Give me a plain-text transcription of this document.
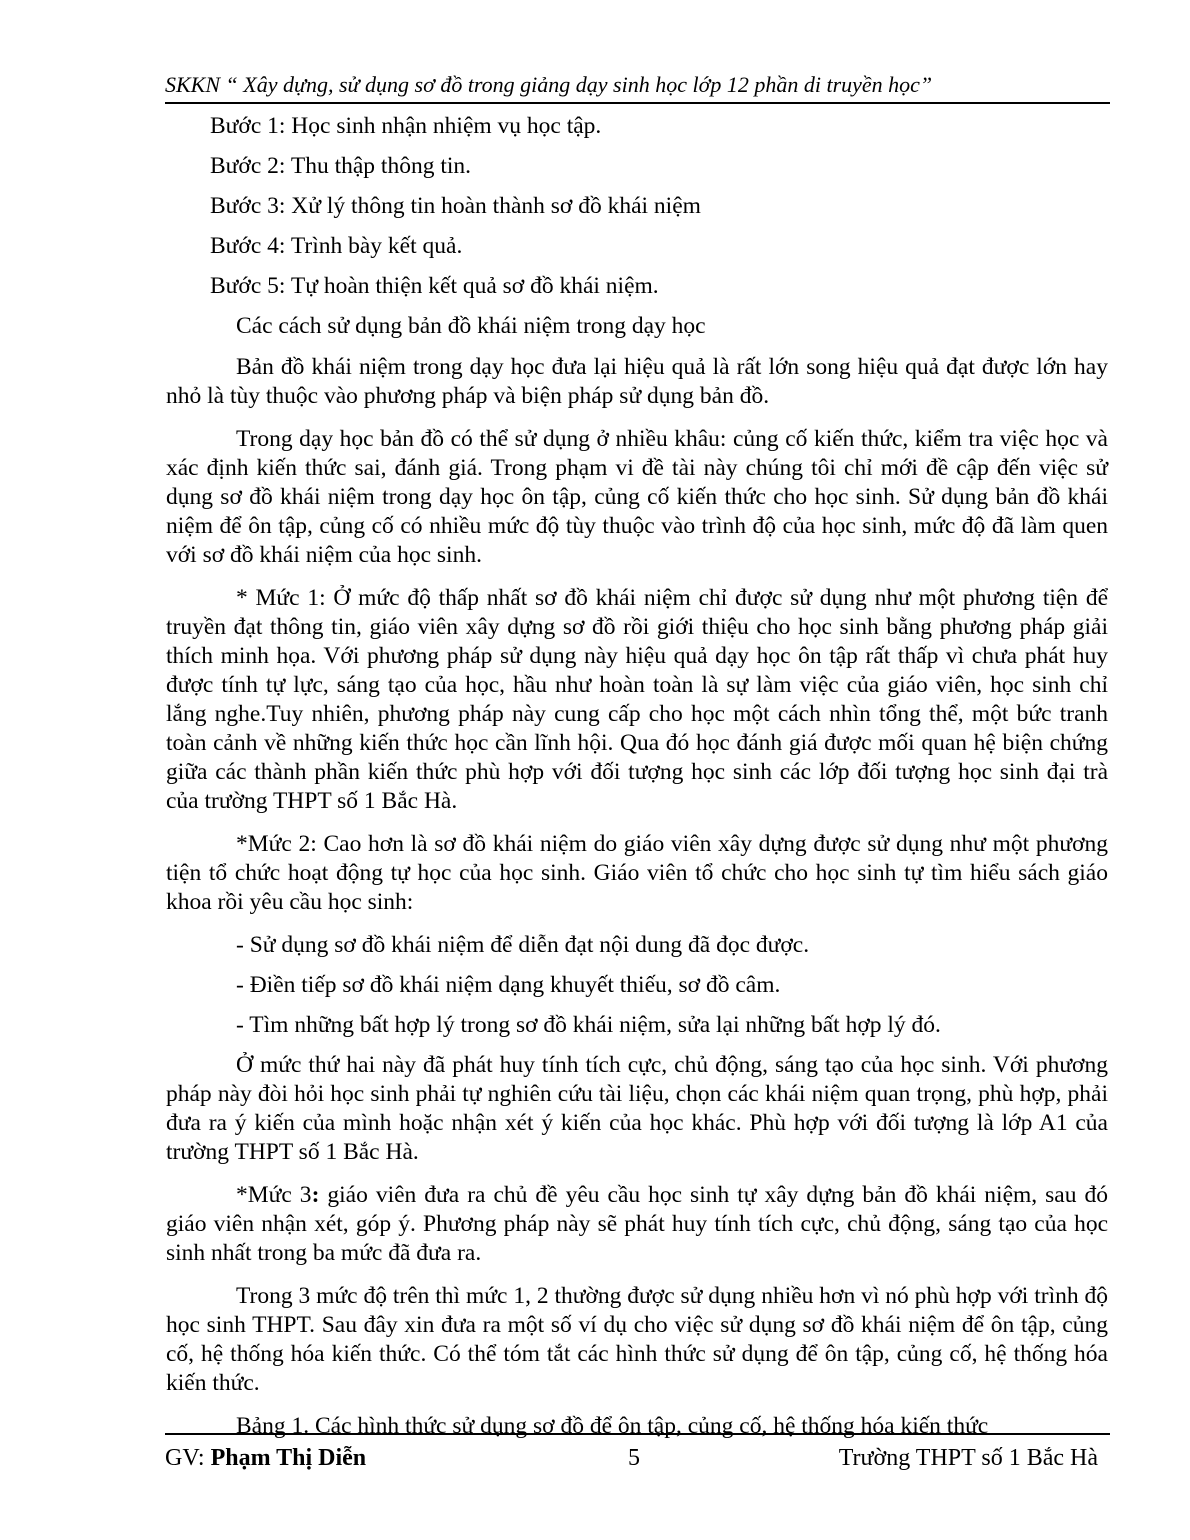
SKKN “ Xây dựng, sử dụng sơ đồ trong giảng dạy sinh học lớp 12 phần di truyền học”
Bước 1: Học sinh nhận nhiệm vụ học tập.
Bước 2: Thu thập thông tin.
Bước 3: Xử lý thông tin hoàn thành sơ đồ khái niệm
Bước 4: Trình bày kết quả.
Bước 5: Tự hoàn thiện kết quả sơ đồ khái niệm.
Các cách sử dụng bản đồ khái niệm trong dạy học

Bản đồ khái niệm trong dạy học đưa lại hiệu quả là rất lớn song hiệu quả đạt được lớn hay nhỏ là tùy thuộc vào phương pháp và biện pháp sử dụng bản đồ.

Trong dạy học bản đồ có thể sử dụng ở nhiều khâu: củng cố kiến thức, kiểm tra việc học và xác định kiến thức sai, đánh giá. Trong phạm vi đề tài này chúng tôi chỉ mới đề cập đến việc sử dụng sơ đồ khái niệm trong dạy học ôn tập, củng cố kiến thức cho học sinh. Sử dụng bản đồ khái niệm để ôn tập, củng cố có nhiều mức độ tùy thuộc vào trình độ của học sinh, mức độ đã làm quen với sơ đồ khái niệm của học sinh.

* Mức 1: Ở mức độ thấp nhất sơ đồ khái niệm chỉ được sử dụng như một phương tiện để truyền đạt thông tin, giáo viên xây dựng sơ đồ rồi giới thiệu cho học sinh bằng phương pháp giải thích minh họa. Với phương pháp sử dụng này hiệu quả dạy học ôn tập rất thấp vì chưa phát huy được tính tự lực, sáng tạo của học, hầu như hoàn toàn là sự làm việc của giáo viên, học sinh chỉ lắng nghe.Tuy nhiên, phương pháp này cung cấp cho học một cách nhìn tổng thể, một bức tranh toàn cảnh về những kiến thức học cần lĩnh hội. Qua đó học đánh giá được mối quan hệ biện chứng giữa các thành phần kiến thức phù hợp với đối tượng học sinh các lớp đối tượng học sinh đại trà của trường THPT số 1 Bắc Hà.

*Mức 2: Cao hơn là sơ đồ khái niệm do giáo viên xây dựng được sử dụng như một phương tiện tổ chức hoạt động tự học của học sinh. Giáo viên tổ chức cho học sinh tự tìm hiểu sách giáo khoa rồi yêu cầu học sinh:

- Sử dụng sơ đồ khái niệm để diễn đạt nội dung đã đọc được.
- Điền tiếp sơ đồ khái niệm dạng khuyết thiếu, sơ đồ câm.
- Tìm những bất hợp lý trong sơ đồ khái niệm, sửa lại những bất hợp lý đó.

Ở mức thứ hai này đã phát huy tính tích cực, chủ động, sáng tạo của học sinh. Với phương pháp này đòi hỏi học sinh phải tự nghiên cứu tài liệu, chọn các khái niệm quan trọng, phù hợp, phải đưa ra ý kiến của mình hoặc nhận xét ý kiến của học khác. Phù hợp với đối tượng là lớp A1 của trường THPT số 1 Bắc Hà.

*Mức 3: giáo viên đưa ra chủ đề yêu cầu học sinh tự xây dựng bản đồ khái niệm, sau đó giáo viên nhận xét, góp ý. Phương pháp này sẽ phát huy tính tích cực, chủ động, sáng tạo của học sinh nhất trong ba mức đã đưa ra.

Trong 3 mức độ trên thì mức 1, 2 thường được sử dụng nhiều hơn vì nó phù hợp với trình độ học sinh THPT. Sau đây xin đưa ra một số ví dụ cho việc sử dụng sơ đồ khái niệm để ôn tập, củng cố, hệ thống hóa kiến thức. Có thể tóm tắt các hình thức sử dụng để ôn tập, củng cố, hệ thống hóa kiến thức.

Bảng 1. Các hình thức sử dụng sơ đồ để ôn tập, củng cố, hệ thống hóa kiến thức
GV: Phạm Thị Diễn	5	Trường THPT số 1 Bắc Hà
